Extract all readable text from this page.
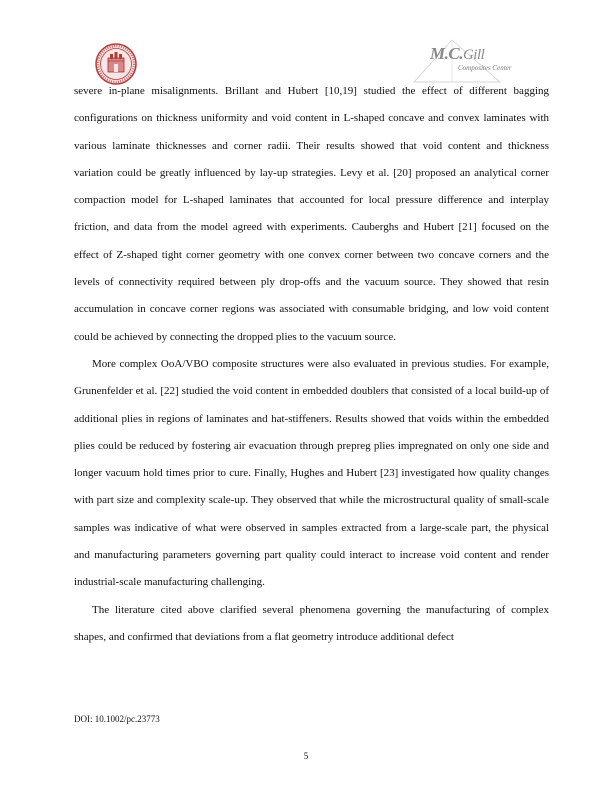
M.C.Gill
Composites Center

severe in-plane misalignments. Brillant and Hubert [10,19] studied the effect of different bagging configurations on thickness uniformity and void content in L-shaped concave and convex laminates with various laminate thicknesses and corner radii. Their results showed that void content and thickness variation could be greatly influenced by lay-up strategies. Levy et al. [20] proposed an analytical corner compaction model for L-shaped laminates that accounted for local pressure difference and interplay friction, and data from the model agreed with experiments. Cauberghs and Hubert [21] focused on the effect of Z-shaped tight corner geometry with one convex corner between two concave corners and the levels of connectivity required between ply drop-offs and the vacuum source. They showed that resin accumulation in concave corner regions was associated with consumable bridging, and low void content could be achieved by connecting the dropped plies to the vacuum source.

More complex OoA/VBO composite structures were also evaluated in previous studies. For example, Grunenfelder et al. [22] studied the void content in embedded doublers that consisted of a local build-up of additional plies in regions of laminates and hat-stiffeners. Results showed that voids within the embedded plies could be reduced by fostering air evacuation through prepreg plies impregnated on only one side and longer vacuum hold times prior to cure. Finally, Hughes and Hubert [23] investigated how quality changes with part size and complexity scale-up. They observed that while the microstructural quality of small-scale samples was indicative of what were observed in samples extracted from a large-scale part, the physical and manufacturing parameters governing part quality could interact to increase void content and render industrial-scale manufacturing challenging.

The literature cited above clarified several phenomena governing the manufacturing of complex shapes, and confirmed that deviations from a flat geometry introduce additional defect

DOI: 10.1002/pc.23773
5
